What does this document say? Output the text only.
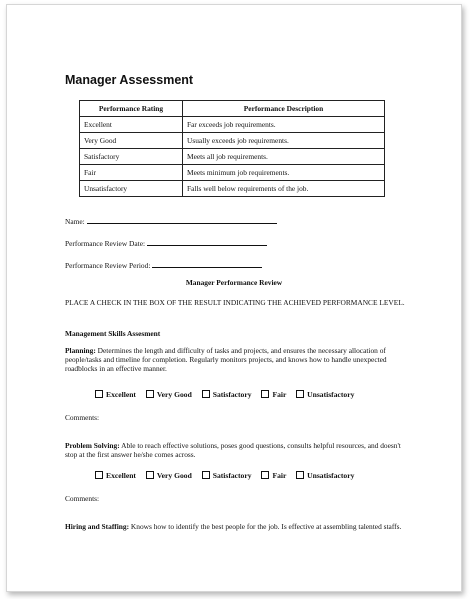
Manager Assessment
Performance Rating	Performance Description
Excellent	Far exceeds job requirements.
Very Good	Usually exceeds job requirements.
Satisfactory	Meets all job requirements.
Fair	Meets minimum job requirements.
Unsatisfactory	Falls well below requirements of the job.
Name:
Performance Review Date:
Performance Review Period:
Manager Performance Review
PLACE A CHECK IN THE BOX OF THE RESULT INDICATING THE ACHIEVED PERFORMANCE LEVEL.
Management Skills Assesment
Planning: Determines the length and difficulty of tasks and projects, and ensures the necessary allocation of people/tasks and timeline for completion. Regularly monitors projects, and knows how to handle unexpected roadblocks in an effective manner.
Excellent	Very Good	Satisfactory	Fair	Unsatisfactory
Comments:
Problem Solving: Able to reach effective solutions, poses good questions, consults helpful resources, and doesn't stop at the first answer he/she comes across.
Excellent	Very Good	Satisfactory	Fair	Unsatisfactory
Comments:
Hiring and Staffing: Knows how to identify the best people for the job. Is effective at assembling talented staffs.
